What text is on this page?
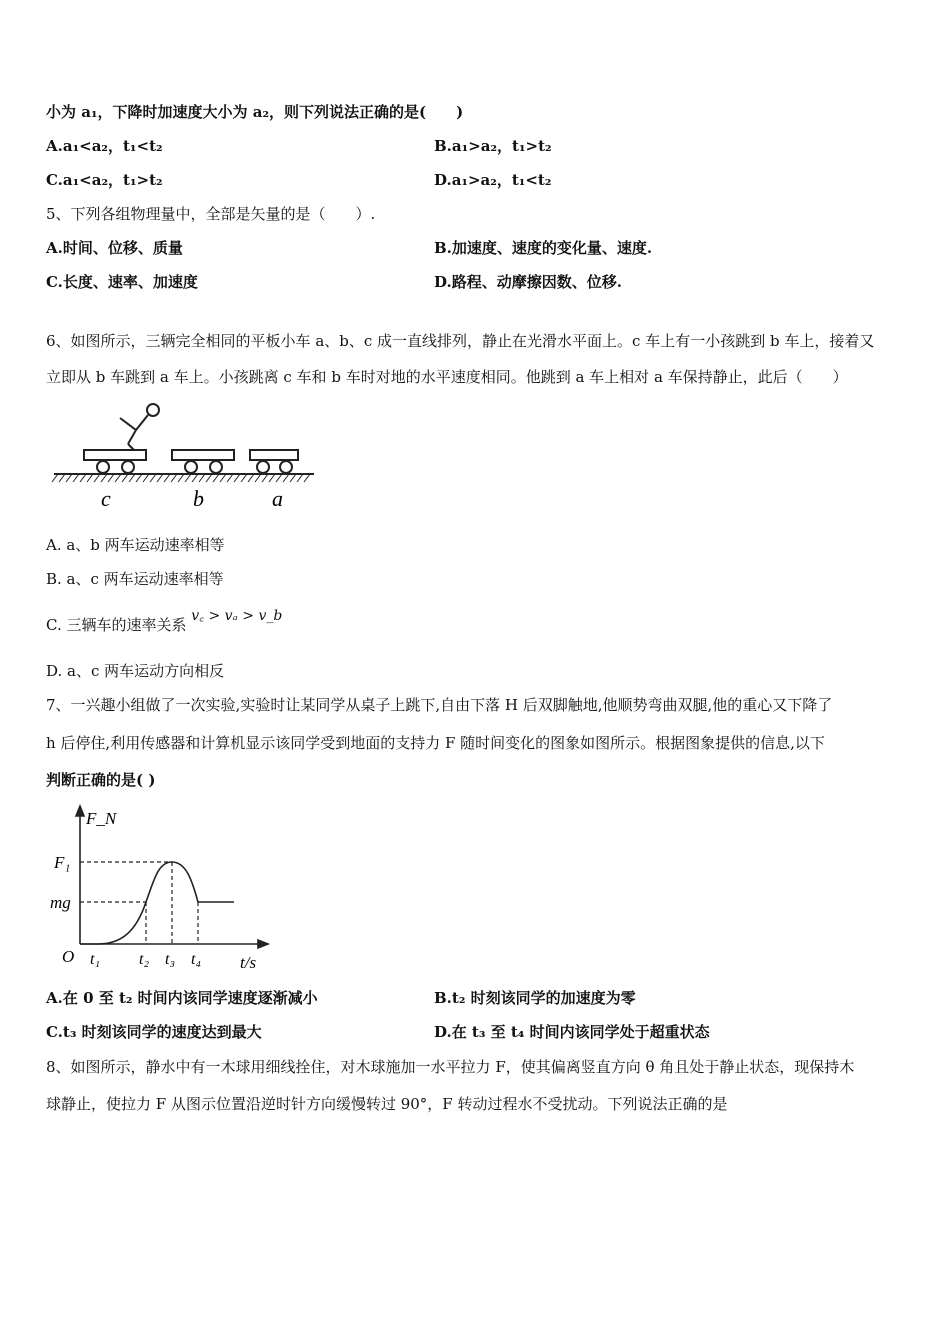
小为 a₁，下降时加速度大小为 a₂，则下列说法正确的是(　　)
A.a₁<a₂，t₁<t₂	B.a₁>a₂，t₁>t₂
C.a₁<a₂，t₁>t₂	D.a₁>a₂，t₁<t₂
5、下列各组物理量中，全部是矢量的是（　　）.
A.时间、位移、质量	B.加速度、速度的变化量、速度.
C.长度、速率、加速度	D.路程、动摩擦因数、位移.
6、如图所示，三辆完全相同的平板小车 a、b、c 成一直线排列，静止在光滑水平面上。c 车上有一小孩跳到 b 车上，接着又
立即从 b 车跳到 a 车上。小孩跳离 c 车和 b 车时对地的水平速度相同。他跳到 a 车上相对 a 车保持静止，此后（　　）
c	b	a
A. a、b 两车运动速率相等
B. a、c 两车运动速率相等
C. 三辆车的速率关系 v꜀ > vₐ > v_b
D. a、c 两车运动方向相反
7、一兴趣小组做了一次实验,实验时让某同学从桌子上跳下,自由下落 H 后双脚触地,他顺势弯曲双腿,他的重心又下降了
h 后停住,利用传感器和计算机显示该同学受到地面的支持力 F 随时间变化的图象如图所示。根据图象提供的信息,以下
判断正确的是( )
F_N
F₁
mg
O t₁ t₂ t₃ t₄ t/s
A.在 0 至 t₂ 时间内该同学速度逐渐减小	B.t₂ 时刻该同学的加速度为零
C.t₃ 时刻该同学的速度达到最大	D.在 t₃ 至 t₄ 时间内该同学处于超重状态
8、如图所示，静水中有一木球用细线拴住，对木球施加一水平拉力 F，使其偏离竖直方向 θ 角且处于静止状态，现保持木
球静止，使拉力 F 从图示位置沿逆时针方向缓慢转过 90°，F 转动过程水不受扰动。下列说法正确的是
